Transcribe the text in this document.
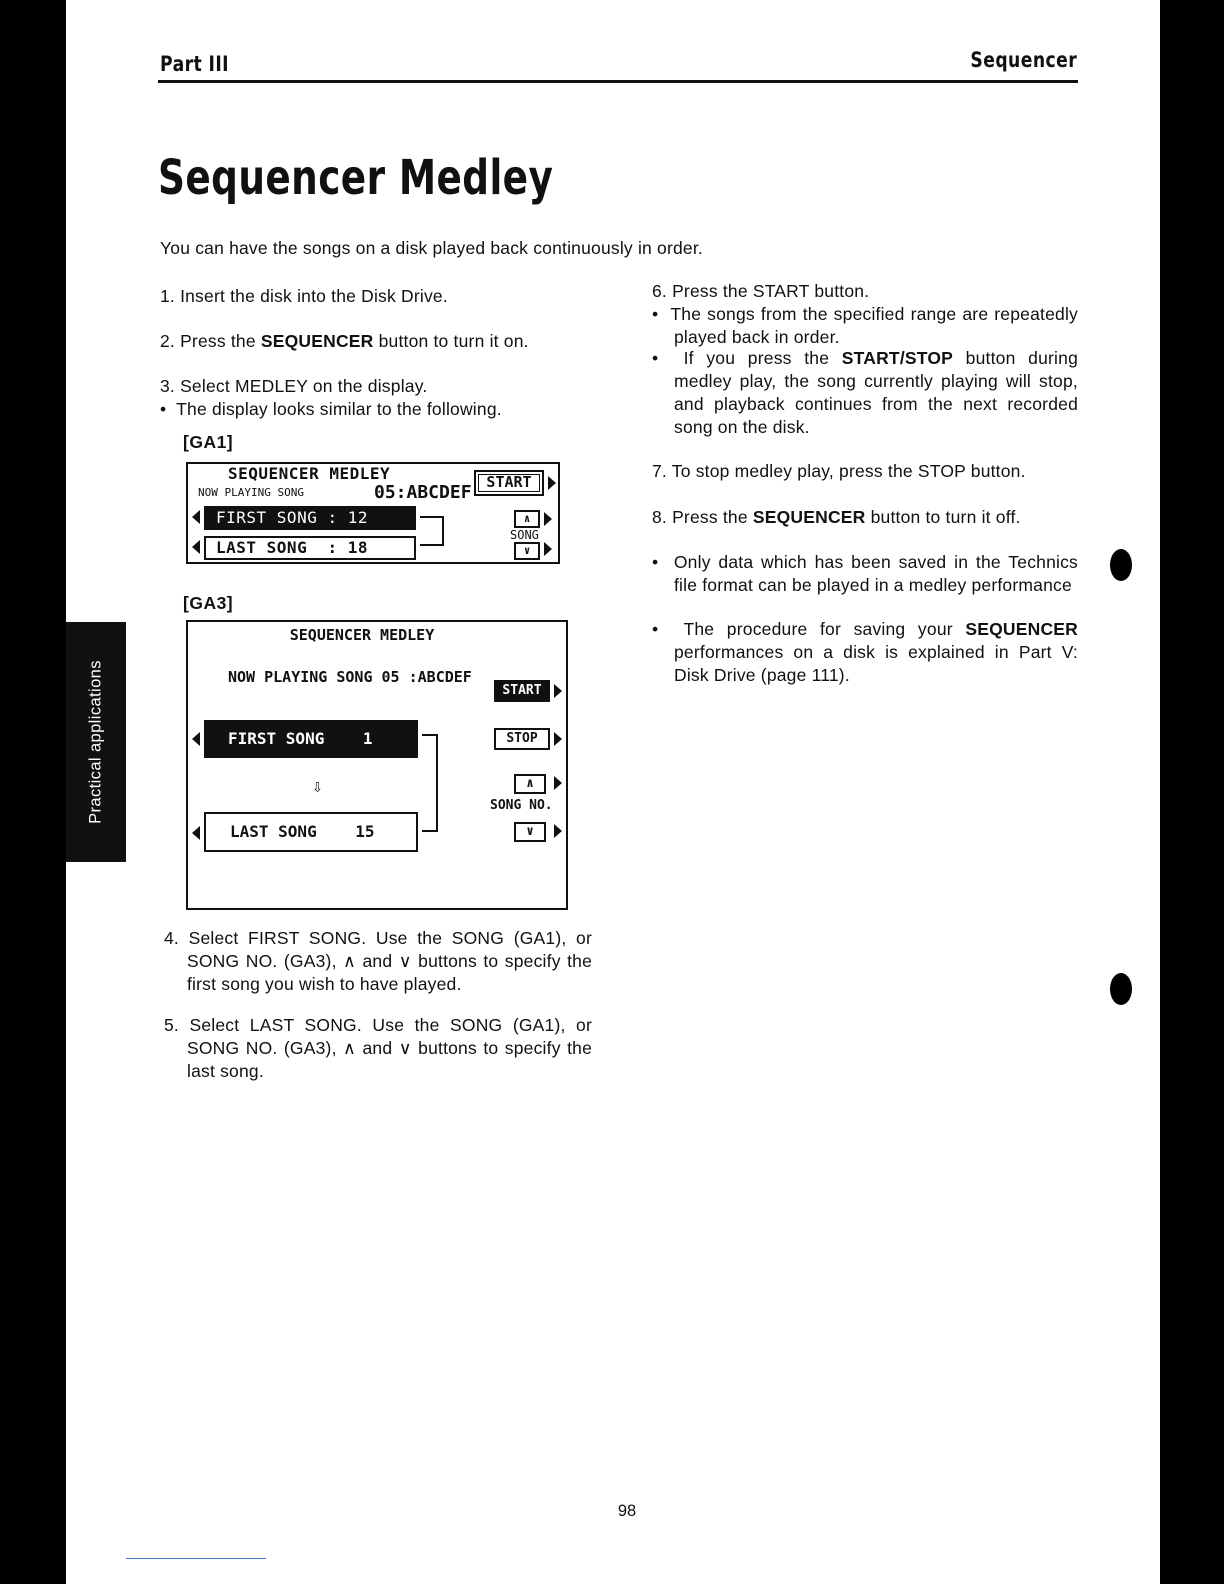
Part III	Sequencer
Sequencer Medley
You can have the songs on a disk played back continuously in order.
1. Insert the disk into the Disk Drive.
2. Press the SEQUENCER button to turn it on.
3. Select MEDLEY on the display.
• The display looks similar to the following.
[GA1]
SEQUENCER MEDLEY
NOW PLAYING SONG	05:ABCDEF START
FIRST SONG : 12	∧
SONG
LAST SONG  : 18	∨
[GA3]
SEQUENCER MEDLEY
NOW PLAYING SONG 05 :ABCDEF
START
FIRST SONG    1	STOP
⇩	∧
SONG NO.
LAST SONG    15	∨
4. Select FIRST SONG. Use the SONG (GA1), or SONG NO. (GA3), ∧ and ∨ buttons to specify the first song you wish to have played.
5. Select LAST SONG. Use the SONG (GA1), or SONG NO. (GA3), ∧ and ∨ buttons to specify the last song.
6. Press the START button.
• The songs from the specified range are repeatedly played back in order.
• If you press the START/STOP button during medley play, the song currently playing will stop, and playback continues from the next recorded song on the disk.
7. To stop medley play, press the STOP button.
8. Press the SEQUENCER button to turn it off.
• Only data which has been saved in the Technics file format can be played in a medley performance
• The procedure for saving your SEQUENCER performances on a disk is explained in Part V: Disk Drive (page 111).
Practical applications
98
